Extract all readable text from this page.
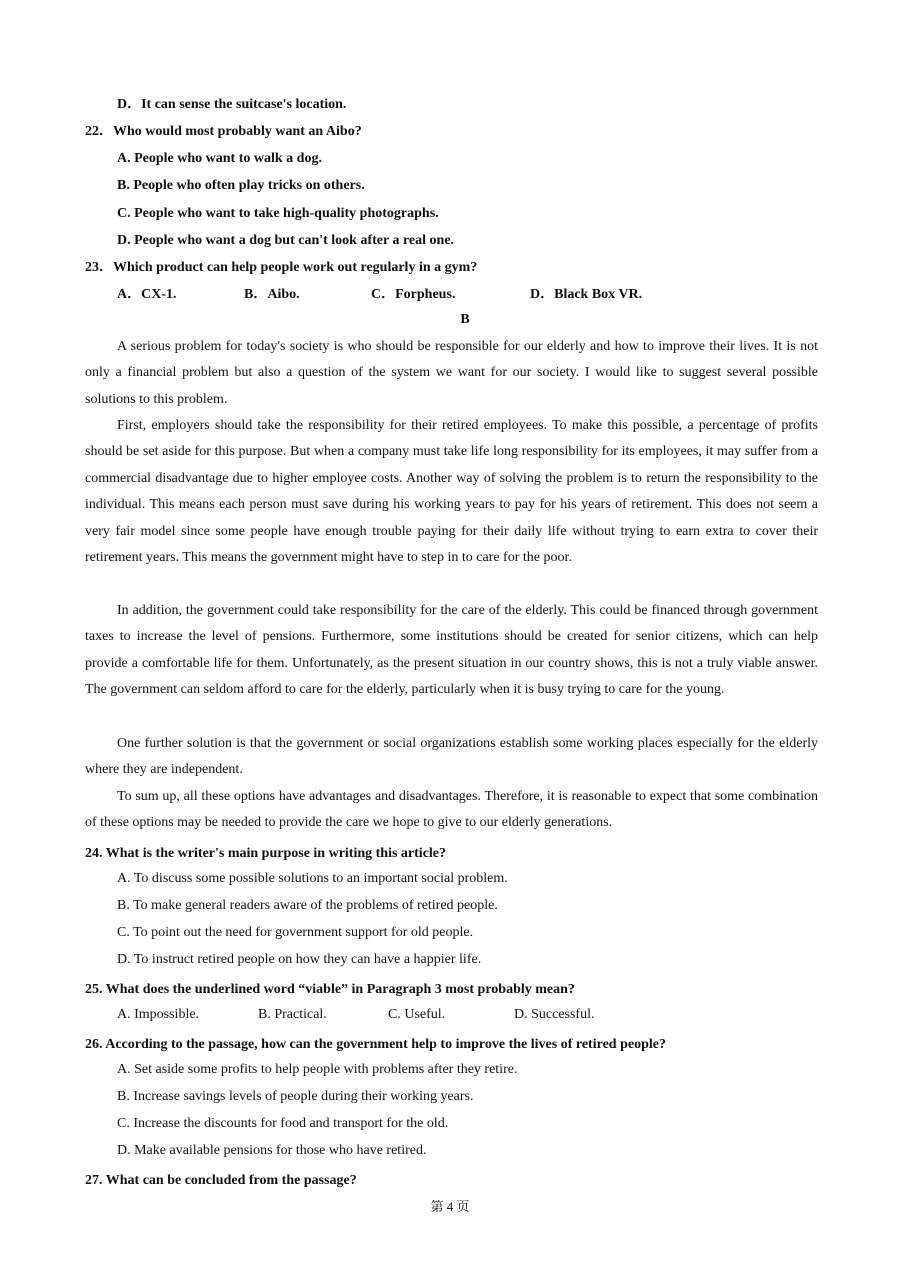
D．It can sense the suitcase's location.
22．Who would most probably want an Aibo?
A. People who want to walk a dog.
B. People who often play tricks on others.
C. People who want to take high-quality photographs.
D. People who want a dog but can't look after a real one.
23．Which product can help people work out regularly in a gym?
A．CX-1.	B．Aibo.	C．Forpheus.	D．Black Box VR.
B
A serious problem for today's society is who should be responsible for our elderly and how to improve their lives. It is not only a financial problem but also a question of the system we want for our society. I would like to suggest several possible solutions to this problem.
First, employers should take the responsibility for their retired employees. To make this possible, a percentage of profits should be set aside for this purpose. But when a company must take life long responsibility for its employees, it may suffer from a commercial disadvantage due to higher employee costs. Another way of solving the problem is to return the responsibility to the individual. This means each person must save during his working years to pay for his years of retirement. This does not seem a very fair model since some people have enough trouble paying for their daily life without trying to earn extra to cover their retirement years. This means the government might have to step in to care for the poor.
In addition, the government could take responsibility for the care of the elderly. This could be financed through government taxes to increase the level of pensions. Furthermore, some institutions should be created for senior citizens, which can help provide a comfortable life for them. Unfortunately, as the present situation in our country shows, this is not a truly viable answer. The government can seldom afford to care for the elderly, particularly when it is busy trying to care for the young.
One further solution is that the government or social organizations establish some working places especially for the elderly where they are independent.
To sum up, all these options have advantages and disadvantages. Therefore, it is reasonable to expect that some combination of these options may be needed to provide the care we hope to give to our elderly generations.
24. What is the writer's main purpose in writing this article?
A. To discuss some possible solutions to an important social problem.
B. To make general readers aware of the problems of retired people.
C. To point out the need for government support for old people.
D. To instruct retired people on how they can have a happier life.
25. What does the underlined word “viable” in Paragraph 3 most probably mean?
A. Impossible.	B. Practical.	C. Useful.	D. Successful.
26. According to the passage, how can the government help to improve the lives of retired people?
A. Set aside some profits to help people with problems after they retire.
B. Increase savings levels of people during their working years.
C. Increase the discounts for food and transport for the old.
D. Make available pensions for those who have retired.
27. What can be concluded from the passage?
第 4 页
